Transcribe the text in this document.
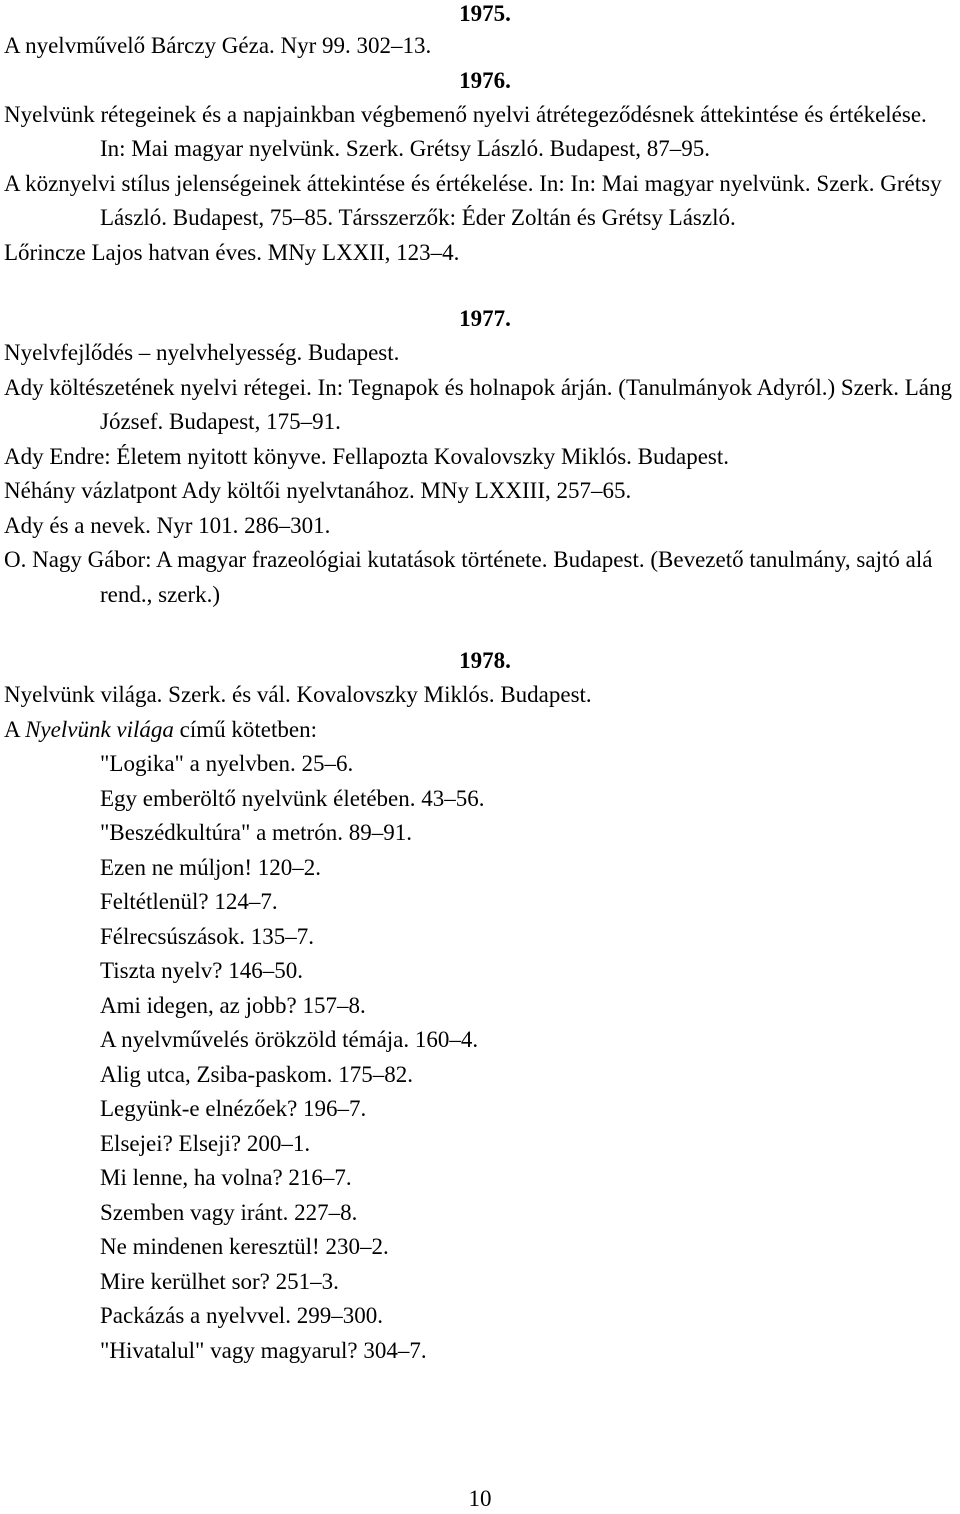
1975.
A nyelvművelő Bárczy Géza. Nyr 99. 302–13.
1976.
Nyelvünk rétegeinek és a napjainkban végbemenő nyelvi átrétegeződésnek áttekintése és értékelése. In: Mai magyar nyelvünk. Szerk. Grétsy László. Budapest, 87–95.
A köznyelvi stílus jelenségeinek áttekintése és értékelése. In: In: Mai magyar nyelvünk. Szerk. Grétsy László. Budapest, 75–85. Társszerzők: Éder Zoltán és Grétsy László.
Lőrincze Lajos hatvan éves. MNy LXXII, 123–4.
1977.
Nyelvfejlődés – nyelvhelyesség. Budapest.
Ady költészetének nyelvi rétegei. In: Tegnapok és holnapok árján. (Tanulmányok Adyról.) Szerk. Láng József. Budapest, 175–91.
Ady Endre: Életem nyitott könyve. Fellapozta Kovalovszky Miklós. Budapest.
Néhány vázlatpont Ady költői nyelvtanához. MNy LXXIII, 257–65.
Ady és a nevek. Nyr 101. 286–301.
O. Nagy Gábor: A magyar frazeológiai kutatások története. Budapest. (Bevezető tanulmány, sajtó alá rend., szerk.)
1978.
Nyelvünk világa. Szerk. és vál. Kovalovszky Miklós. Budapest.
A Nyelvünk világa című kötetben:
"Logika" a nyelvben. 25–6.
Egy emberöltő nyelvünk életében. 43–56.
"Beszédkultúra" a metrón. 89–91.
Ezen ne múljon! 120–2.
Feltétlenül? 124–7.
Félrecsúszások. 135–7.
Tiszta nyelv? 146–50.
Ami idegen, az jobb? 157–8.
A nyelvművelés örökzöld témája. 160–4.
Alig utca, Zsiba-paskom. 175–82.
Legyünk-e elnézőek? 196–7.
Elsejei? Elseji? 200–1.
Mi lenne, ha volna? 216–7.
Szemben vagy iránt. 227–8.
Ne mindenen keresztül! 230–2.
Mire kerülhet sor? 251–3.
Packázás a nyelvvel. 299–300.
"Hivatalul" vagy magyarul? 304–7.
10
